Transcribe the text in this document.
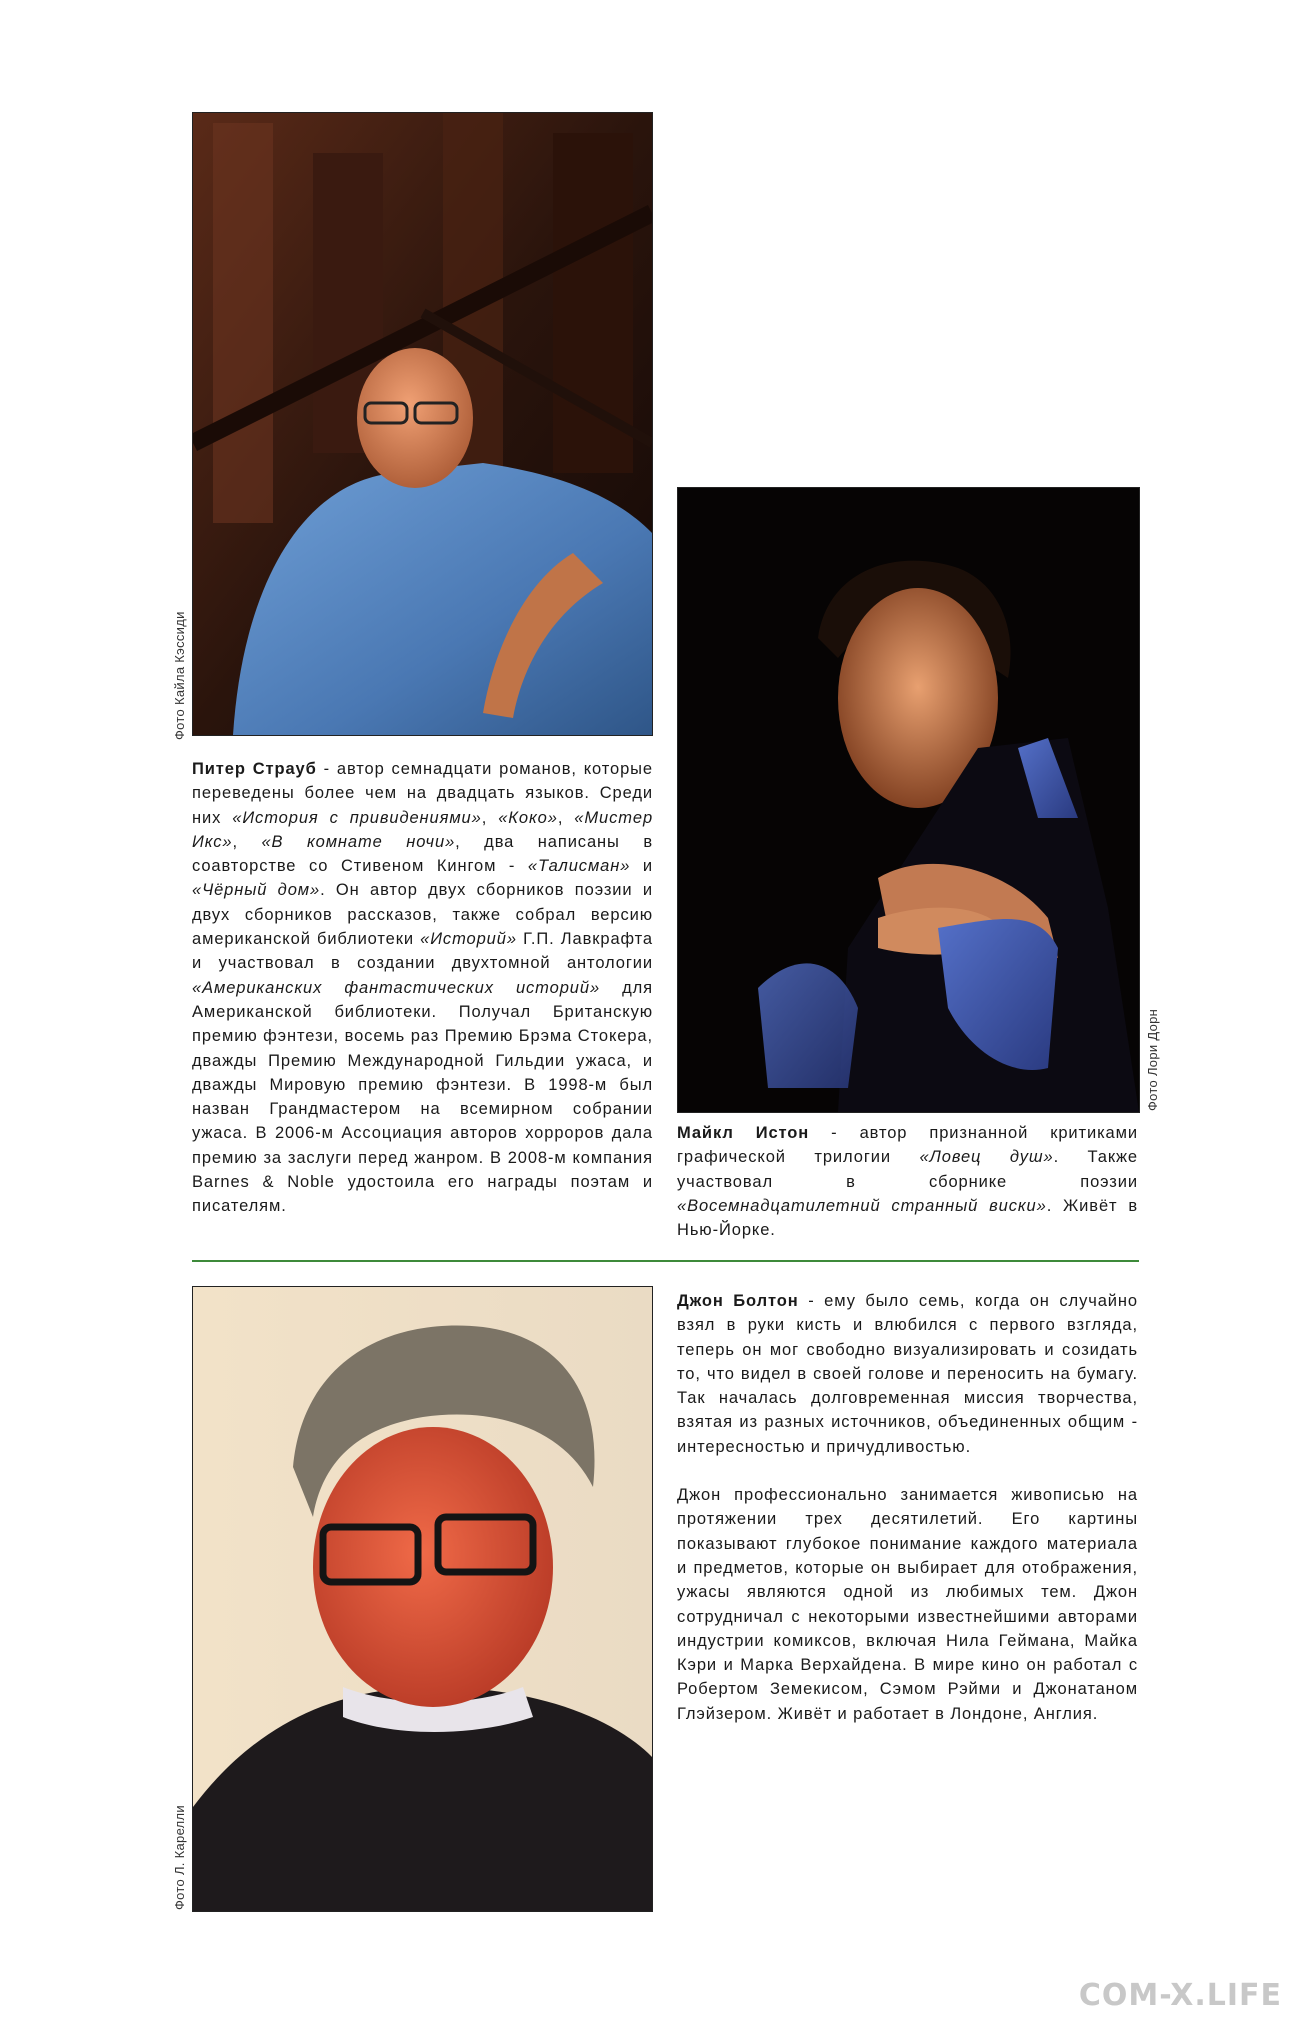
Фото Кайла Кэссиди
Фото Лори Дорн
Фото Л. Карелли

Питер Страуб - автор семнадцати романов, которые переведены более чем на двадцать языков. Среди них «История с привидениями», «Коко», «Мистер Икс», «В комнате ночи», два написаны в соавторстве со Стивеном Кингом - «Талисман» и «Чёрный дом». Он автор двух сборников поэзии и двух сборников рассказов, также собрал версию американской библиотеки «Историй» Г.П. Лавкрафта и участвовал в создании двухтомной антологии «Американских фантастических историй» для Американской библиотеки. Получал Британскую премию фэнтези, восемь раз Премию Брэма Стокера, дважды Премию Международной Гильдии ужаса, и дважды Мировую премию фэнтези. В 1998-м был назван Грандмастером на всемирном собрании ужаса. В 2006-м Ассоциация авторов хорроров дала премию за заслуги перед жанром. В 2008-м компания Barnes & Noble удостоила его награды поэтам и писателям.

Майкл Истон - автор признанной критиками графической трилогии «Ловец душ». Также участвовал в сборнике поэзии «Восемнадцатилетний странный виски». Живёт в Нью-Йорке.

Джон Болтон - ему было семь, когда он случайно взял в руки кисть и влюбился с первого взгляда, теперь он мог свободно визуализировать и созидать то, что видел в своей голове и переносить на бумагу. Так началась долговременная миссия творчества, взятая из разных источников, объединенных общим - интересностью и причудливостью.

Джон профессионально занимается живописью на протяжении трех десятилетий. Его картины показывают глубокое понимание каждого материала и предметов, которые он выбирает для отображения, ужасы являются одной из любимых тем. Джон сотрудничал с некоторыми известнейшими авторами индустрии комиксов, включая Нила Геймана, Майка Кэри и Марка Верхайдена. В мире кино он работал с Робертом Земекисом, Сэмом Рэйми и Джонатаном Глэйзером. Живёт и работает в Лондоне, Англия.

COM-X.LIFE
